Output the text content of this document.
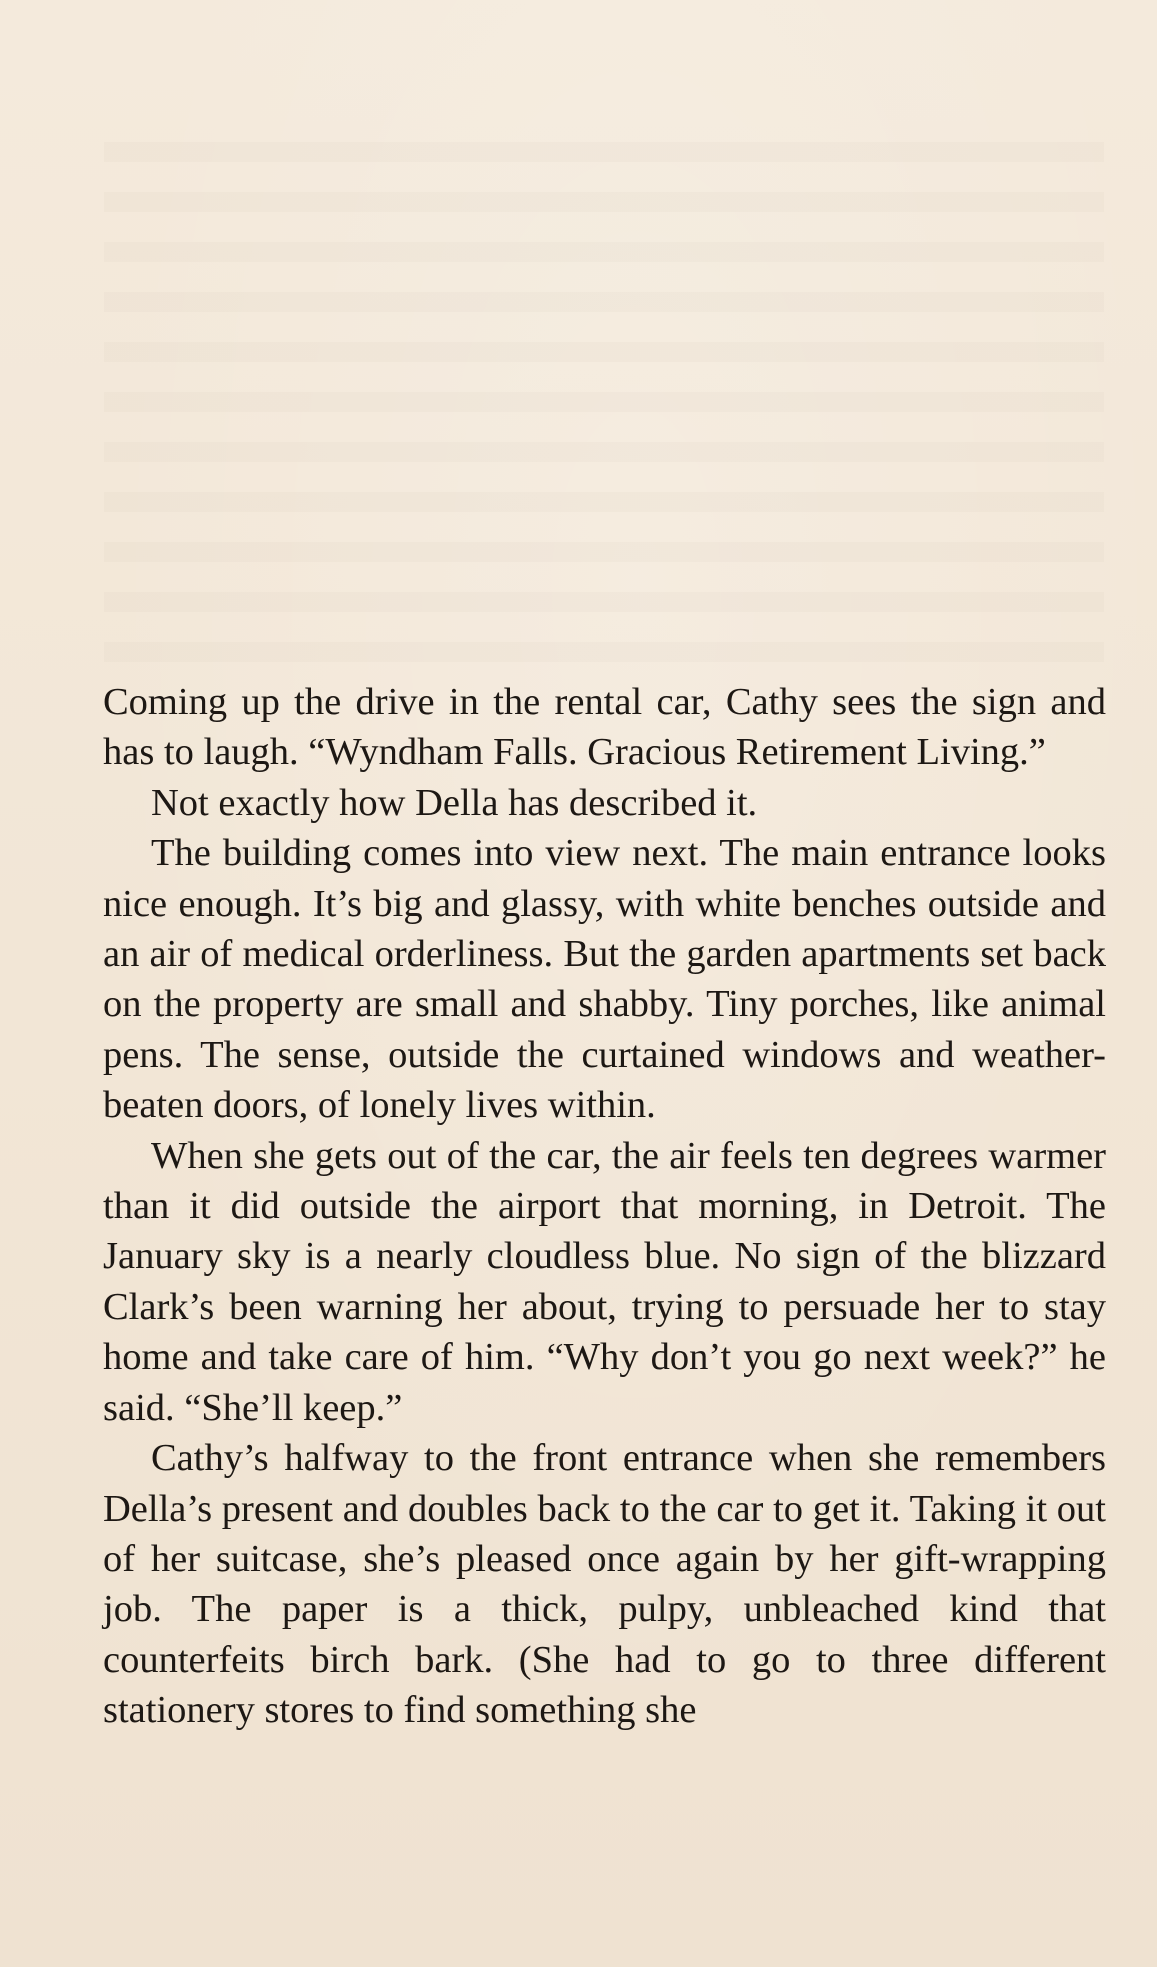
Coming up the drive in the rental car, Cathy sees the sign and has to laugh. “Wyndham Falls. Gracious Retirement Living.”

Not exactly how Della has described it.

The building comes into view next. The main entrance looks nice enough. It’s big and glassy, with white benches outside and an air of medical orderliness. But the garden apartments set back on the property are small and shabby. Tiny porches, like animal pens. The sense, outside the curtained windows and weather-beaten doors, of lonely lives within.

When she gets out of the car, the air feels ten degrees warmer than it did outside the airport that morning, in Detroit. The January sky is a nearly cloudless blue. No sign of the blizzard Clark’s been warning her about, trying to persuade her to stay home and take care of him. “Why don’t you go next week?” he said. “She’ll keep.”

Cathy’s halfway to the front entrance when she remembers Della’s present and doubles back to the car to get it. Taking it out of her suitcase, she’s pleased once again by her gift-wrapping job. The paper is a thick, pulpy, unbleached kind that counterfeits birch bark. (She had to go to three different stationery stores to find something she
